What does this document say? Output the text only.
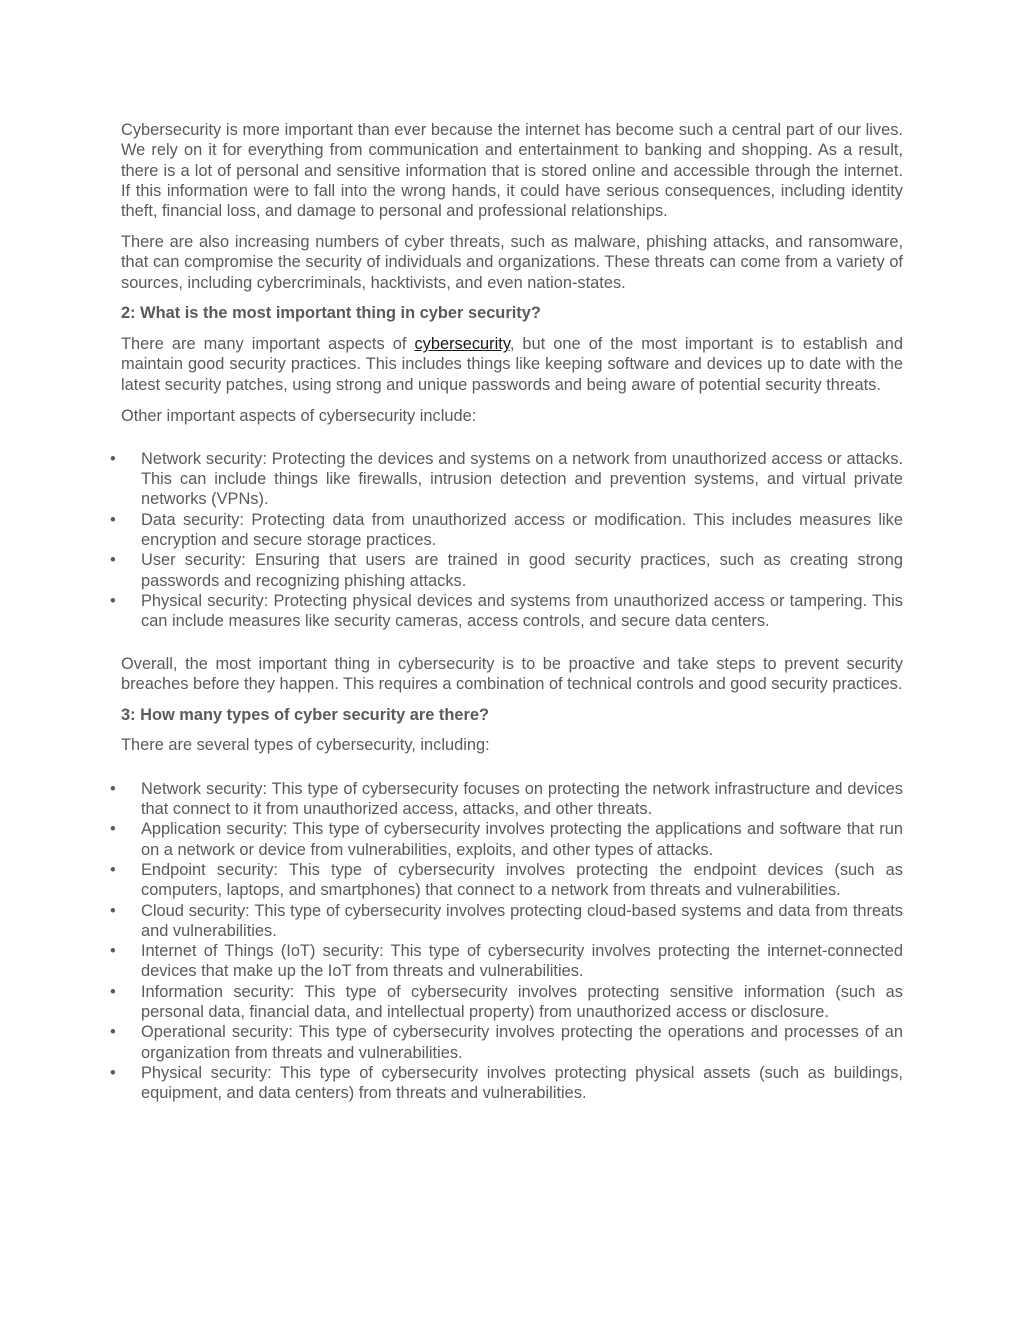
Cybersecurity is more important than ever because the internet has become such a central part of our lives. We rely on it for everything from communication and entertainment to banking and shopping. As a result, there is a lot of personal and sensitive information that is stored online and accessible through the internet. If this information were to fall into the wrong hands, it could have serious consequences, including identity theft, financial loss, and damage to personal and professional relationships.

There are also increasing numbers of cyber threats, such as malware, phishing attacks, and ransomware, that can compromise the security of individuals and organizations. These threats can come from a variety of sources, including cybercriminals, hacktivists, and even nation-states.

2: What is the most important thing in cyber security?

There are many important aspects of cybersecurity, but one of the most important is to establish and maintain good security practices. This includes things like keeping software and devices up to date with the latest security patches, using strong and unique passwords and being aware of potential security threats.

Other important aspects of cybersecurity include:

• Network security: Protecting the devices and systems on a network from unauthorized access or attacks. This can include things like firewalls, intrusion detection and prevention systems, and virtual private networks (VPNs).
• Data security: Protecting data from unauthorized access or modification. This includes measures like encryption and secure storage practices.
• User security: Ensuring that users are trained in good security practices, such as creating strong passwords and recognizing phishing attacks.
• Physical security: Protecting physical devices and systems from unauthorized access or tampering. This can include measures like security cameras, access controls, and secure data centers.

Overall, the most important thing in cybersecurity is to be proactive and take steps to prevent security breaches before they happen. This requires a combination of technical controls and good security practices.

3: How many types of cyber security are there?

There are several types of cybersecurity, including:

• Network security: This type of cybersecurity focuses on protecting the network infrastructure and devices that connect to it from unauthorized access, attacks, and other threats.
• Application security: This type of cybersecurity involves protecting the applications and software that run on a network or device from vulnerabilities, exploits, and other types of attacks.
• Endpoint security: This type of cybersecurity involves protecting the endpoint devices (such as computers, laptops, and smartphones) that connect to a network from threats and vulnerabilities.
• Cloud security: This type of cybersecurity involves protecting cloud-based systems and data from threats and vulnerabilities.
• Internet of Things (IoT) security: This type of cybersecurity involves protecting the internet-connected devices that make up the IoT from threats and vulnerabilities.
• Information security: This type of cybersecurity involves protecting sensitive information (such as personal data, financial data, and intellectual property) from unauthorized access or disclosure.
• Operational security: This type of cybersecurity involves protecting the operations and processes of an organization from threats and vulnerabilities.
• Physical security: This type of cybersecurity involves protecting physical assets (such as buildings, equipment, and data centers) from threats and vulnerabilities.
